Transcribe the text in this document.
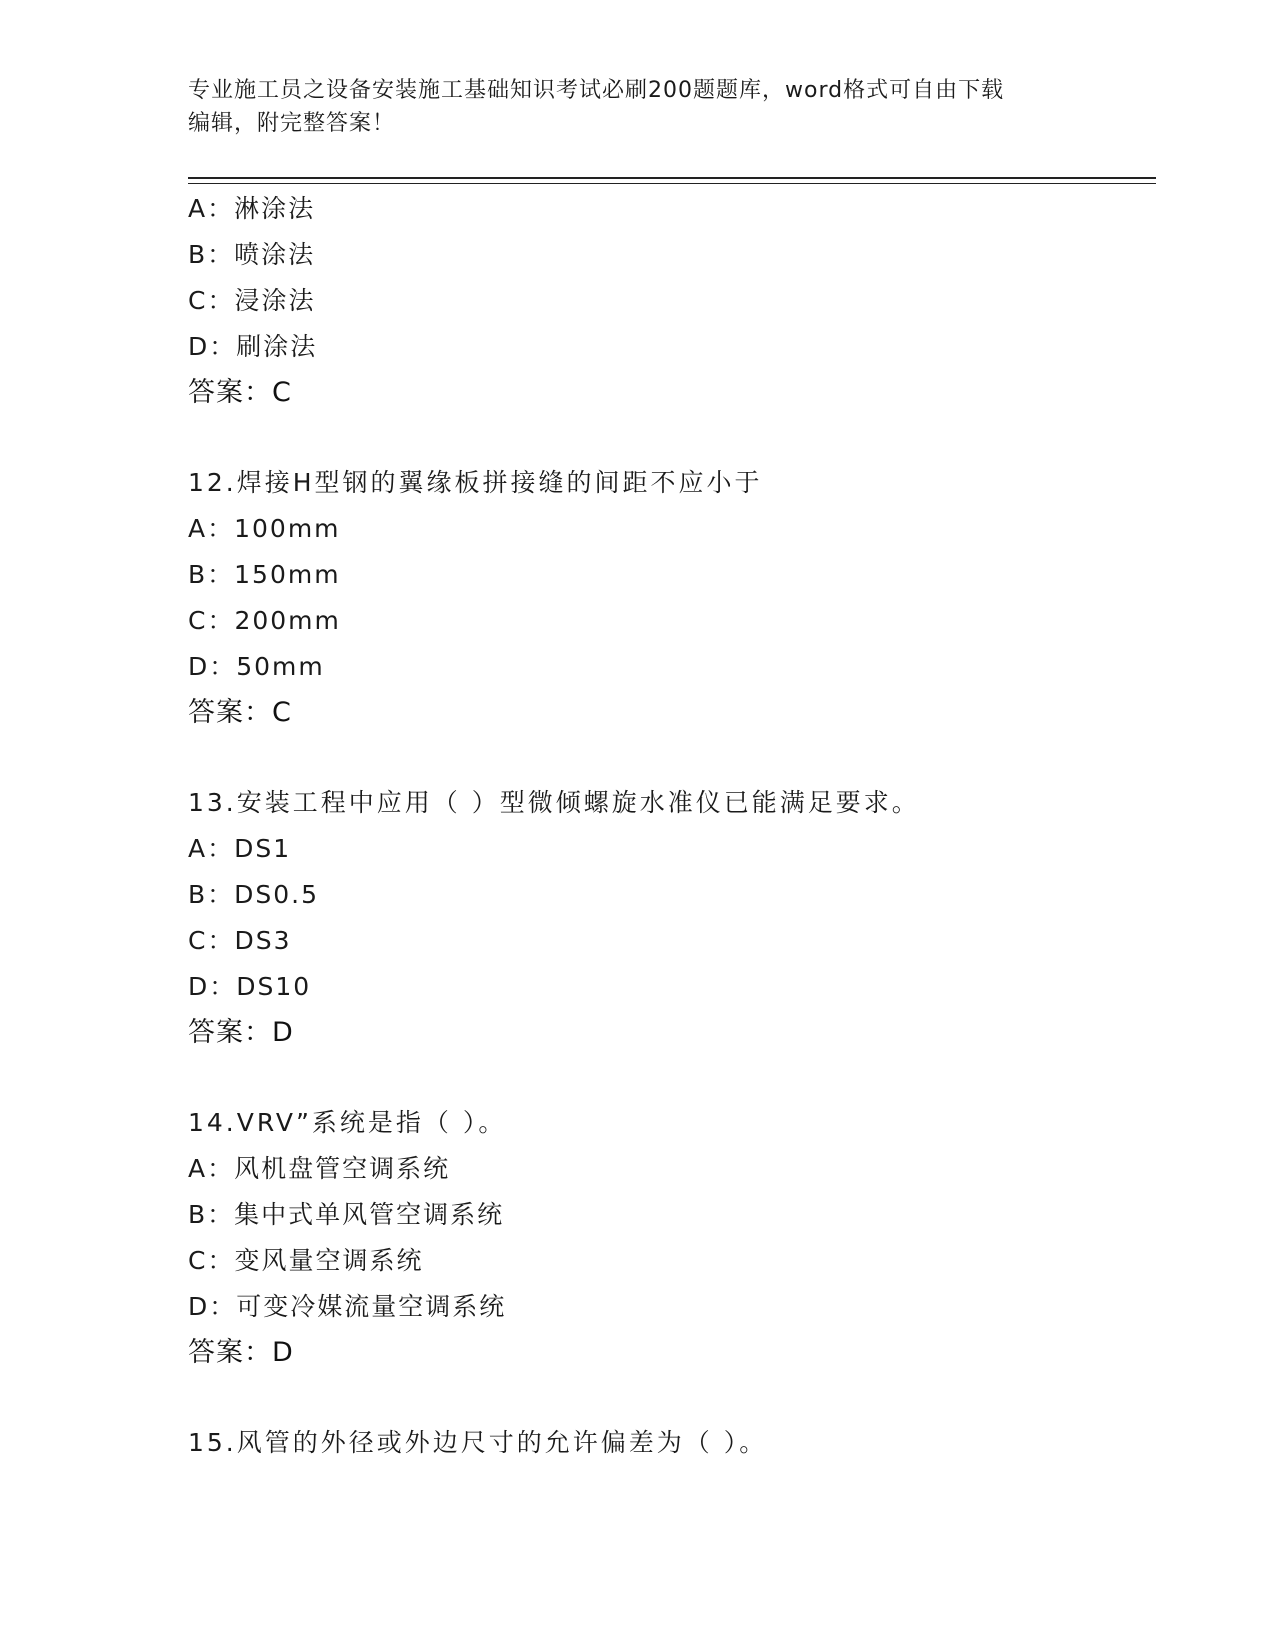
专业施工员之设备安装施工基础知识考试必刷200题题库，word格式可自由下载
编辑，附完整答案！
A：淋涂法
B：喷涂法
C：浸涂法
D：刷涂法
答案：C
12.焊接H型钢的翼缘板拼接缝的间距不应小于
A：100mm
B：150mm
C：200mm
D：50mm
答案：C
13.安装工程中应用（ ）型微倾螺旋水准仪已能满足要求。
A：DS1
B：DS0.5
C：DS3
D：DS10
答案：D
14.VRV”系统是指（ ）。
A：风机盘管空调系统
B：集中式单风管空调系统
C：变风量空调系统
D：可变冷媒流量空调系统
答案：D
15.风管的外径或外边尺寸的允许偏差为（ ）。
